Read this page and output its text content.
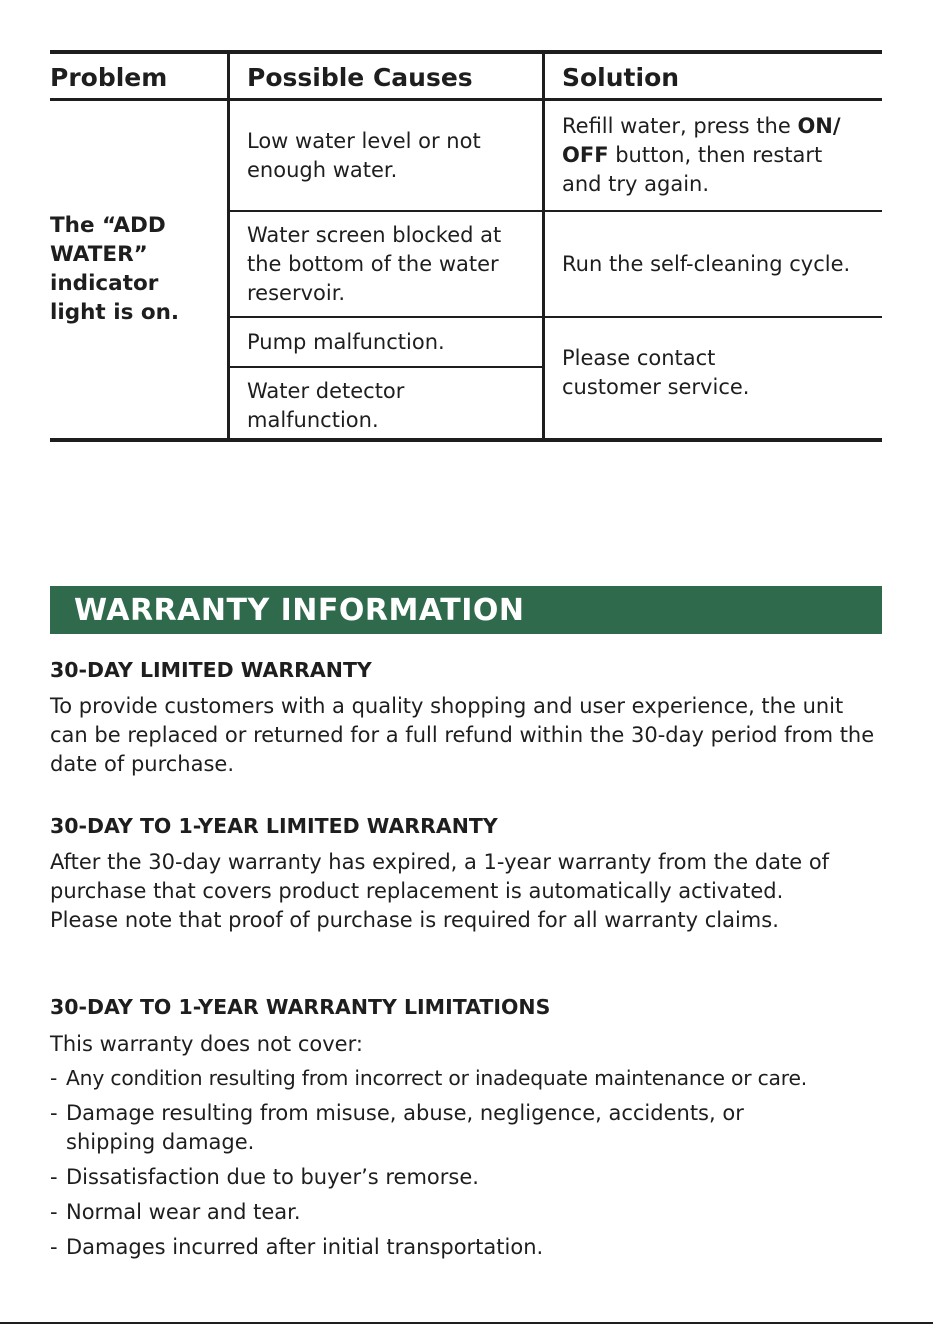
Problem	Possible Causes	Solution
The “ADD WATER” indicator light is on.
Low water level or not enough water.
Water screen blocked at the bottom of the water reservoir.
Pump malfunction.
Water detector malfunction.
Refill water, press the ON/ OFF button, then restart and try again.
Run the self-cleaning cycle.
Please contact customer service.
WARRANTY INFORMATION
30-DAY LIMITED WARRANTY
To provide customers with a quality shopping and user experience, the unit can be replaced or returned for a full refund within the 30-day period from the date of purchase.
30-DAY TO 1-YEAR LIMITED WARRANTY
After the 30-day warranty has expired, a 1-year warranty from the date of purchase that covers product replacement is automatically activated. Please note that proof of purchase is required for all warranty claims.
30-DAY TO 1-YEAR WARRANTY LIMITATIONS
This warranty does not cover:
- Any condition resulting from incorrect or inadequate maintenance or care.
- Damage resulting from misuse, abuse, negligence, accidents, or shipping damage.
- Dissatisfaction due to buyer’s remorse.
- Normal wear and tear.
- Damages incurred after initial transportation.
